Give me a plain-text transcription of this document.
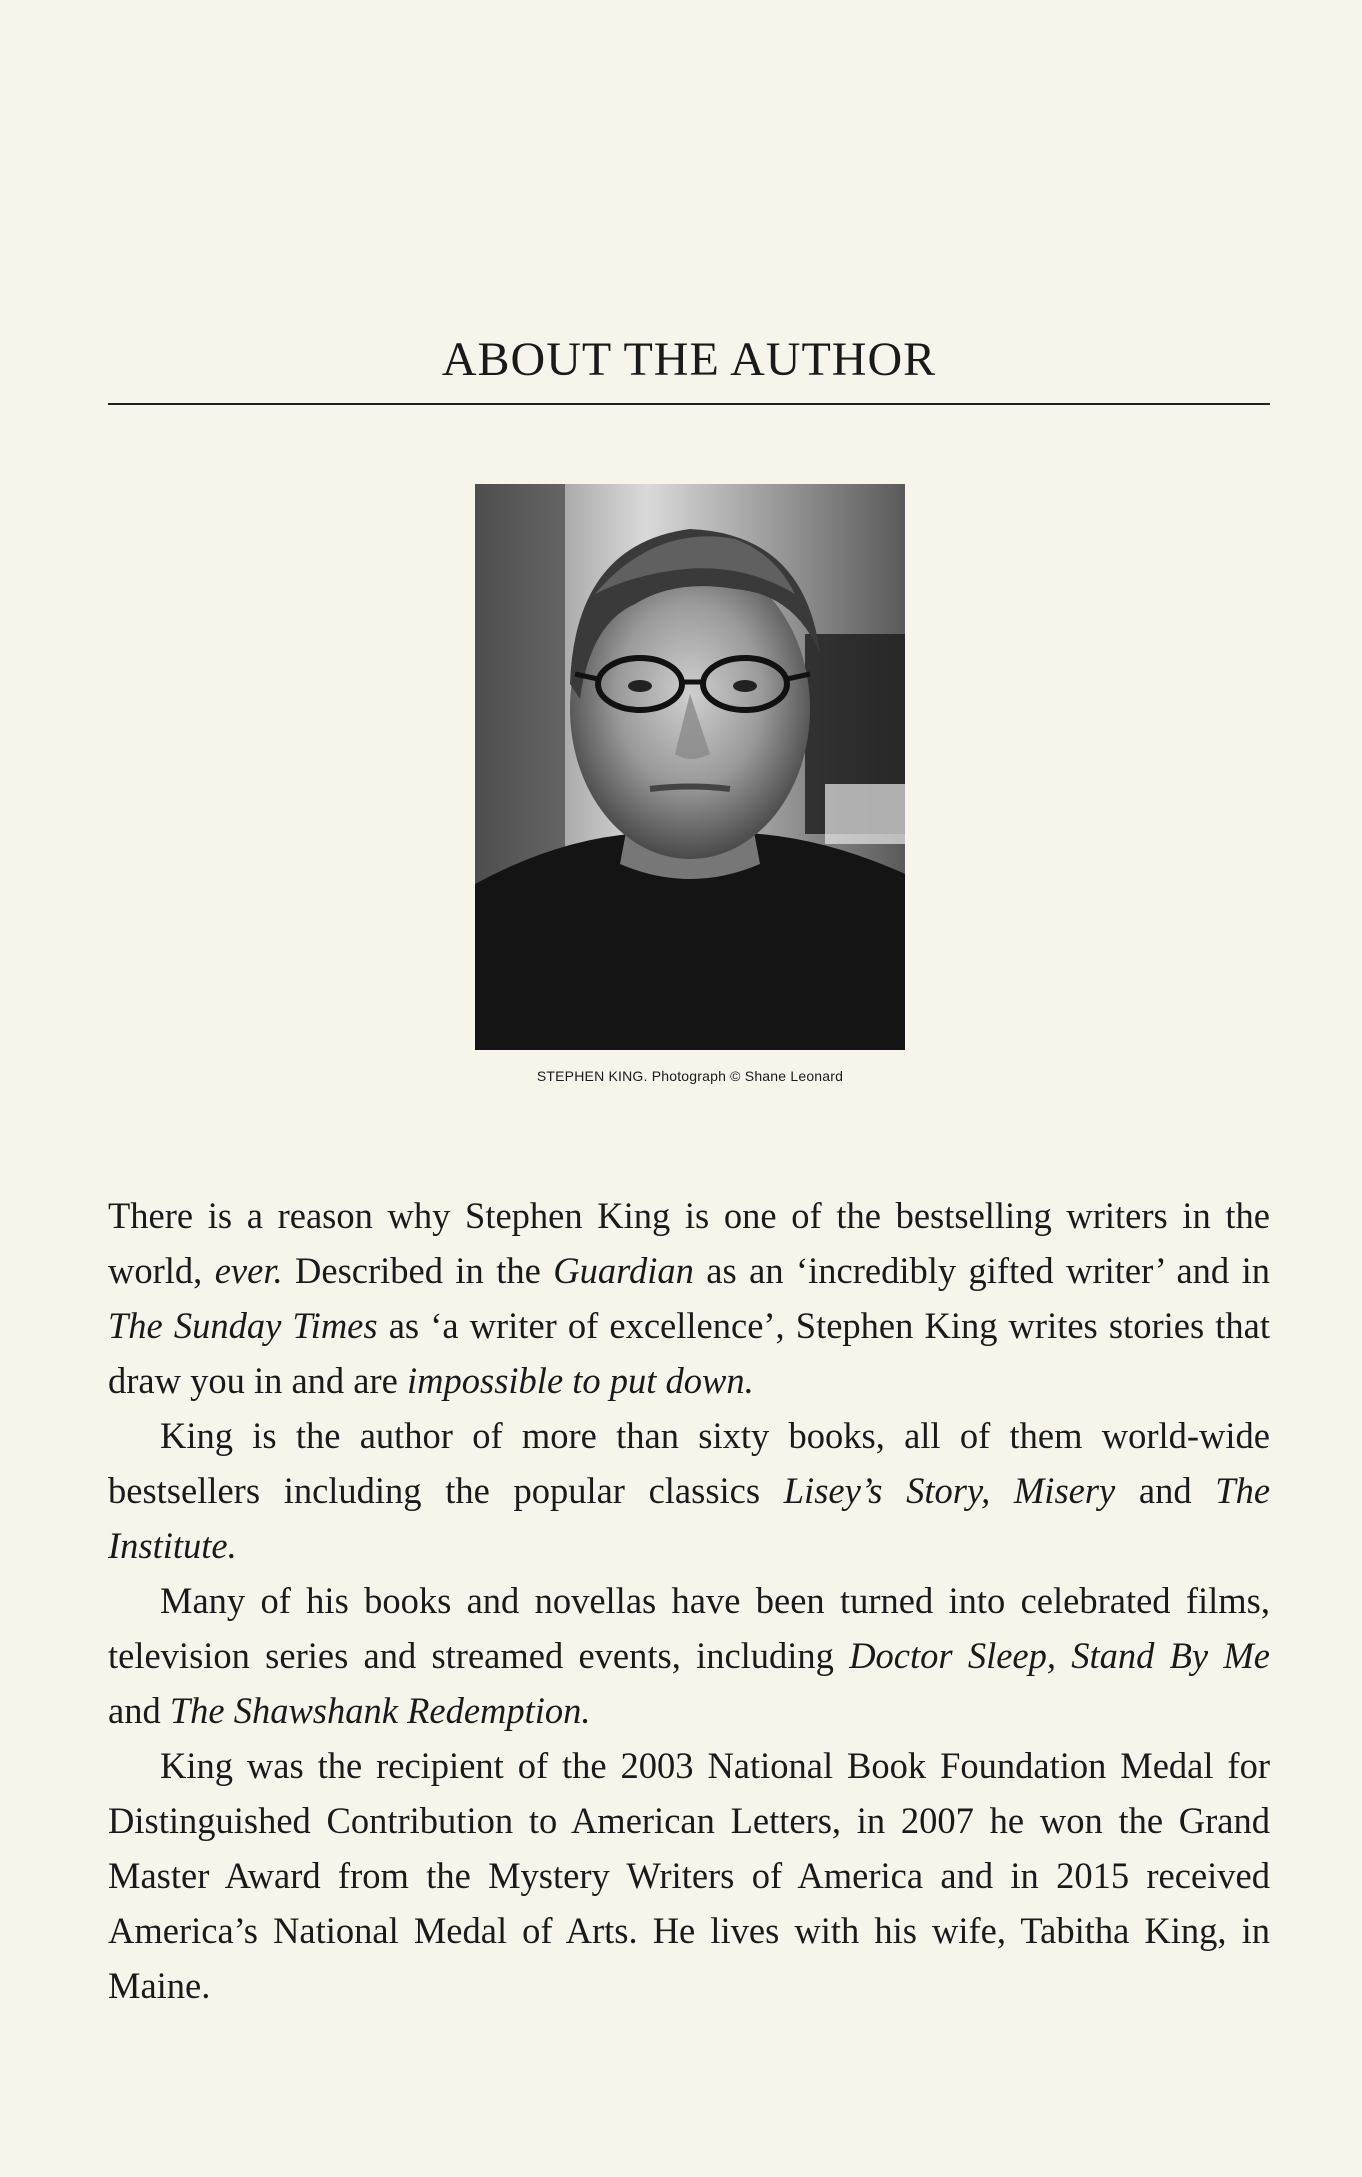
ABOUT THE AUTHOR
STEPHEN KING. Photograph © Shane Leonard

There is a reason why Stephen King is one of the bestselling writers in the world, ever. Described in the Guardian as an ‘incredibly gifted writer’ and in The Sunday Times as ‘a writer of excellence’, Stephen King writes stories that draw you in and are impossible to put down.

King is the author of more than sixty books, all of them world-wide bestsellers including the popular classics Lisey’s Story, Misery and The Institute.

Many of his books and novellas have been turned into celebrated films, television series and streamed events, including Doctor Sleep, Stand By Me and The Shawshank Redemption.

King was the recipient of the 2003 National Book Foundation Medal for Distinguished Contribution to American Letters, in 2007 he won the Grand Master Award from the Mystery Writers of America and in 2015 received America’s National Medal of Arts. He lives with his wife, Tabitha King, in Maine.
